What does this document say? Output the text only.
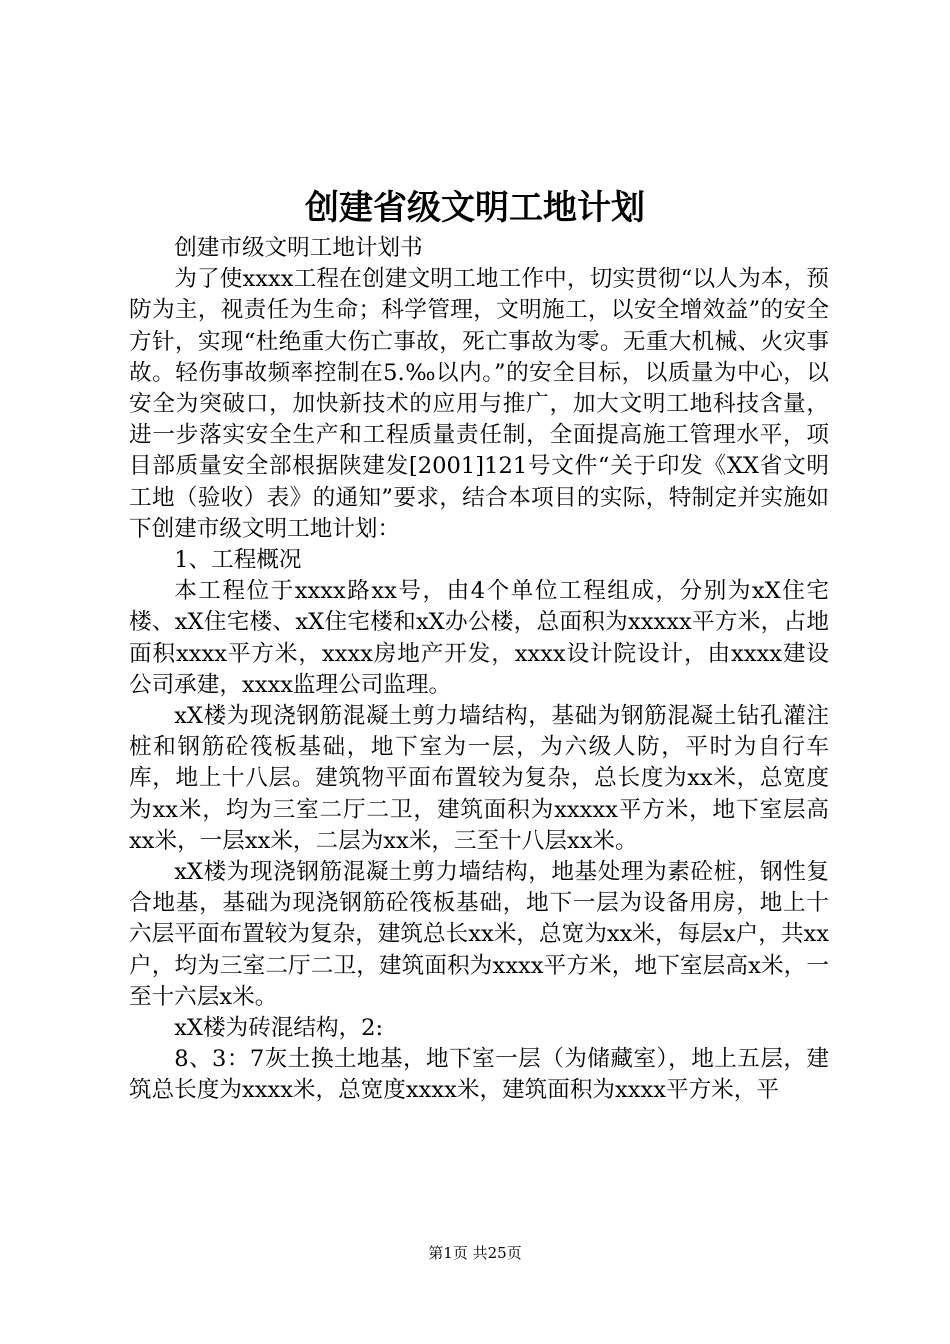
创建省级文明工地计划

创建市级文明工地计划书

为了使xxxx工程在创建文明工地工作中，切实贯彻“以人为本，预防为主，视责任为生命；科学管理，文明施工，以安全增效益”的安全方针，实现“杜绝重大伤亡事故，死亡事故为零。无重大机械、火灾事故。轻伤事故频率控制在5.‰以内。”的安全目标，以质量为中心，以安全为突破口，加快新技术的应用与推广，加大文明工地科技含量，进一步落实安全生产和工程质量责任制，全面提高施工管理水平，项目部质量安全部根据陕建发[2001]121号文件“关于印发《XX省文明工地（验收）表》的通知”要求，结合本项目的实际，特制定并实施如下创建市级文明工地计划：

1、工程概况

本工程位于xxxx路xx号，由4个单位工程组成，分别为xX住宅楼、xX住宅楼、xX住宅楼和xX办公楼，总面积为xxxxx平方米，占地面积xxxx平方米，xxxx房地产开发，xxxx设计院设计，由xxxx建设公司承建，xxxx监理公司监理。

xX楼为现浇钢筋混凝土剪力墙结构，基础为钢筋混凝土钻孔灌注桩和钢筋砼筏板基础，地下室为一层，为六级人防，平时为自行车库，地上十八层。建筑物平面布置较为复杂，总长度为xx米，总宽度为xx米，均为三室二厅二卫，建筑面积为xxxxx平方米，地下室层高xx米，一层xx米，二层为xx米，三至十八层xx米。

xX楼为现浇钢筋混凝土剪力墙结构，地基处理为素砼桩，钢性复合地基，基础为现浇钢筋砼筏板基础，地下一层为设备用房，地上十六层平面布置较为复杂，建筑总长xx米，总宽为xx米，每层x户，共xx户，均为三室二厅二卫，建筑面积为xxxx平方米，地下室层高x米，一至十六层x米。

xX楼为砖混结构，2:

8、3：7灰土换土地基，地下室一层（为储藏室），地上五层，建筑总长度为xxxx米，总宽度xxxx米，建筑面积为xxxx平方米，平

第1页 共25页
